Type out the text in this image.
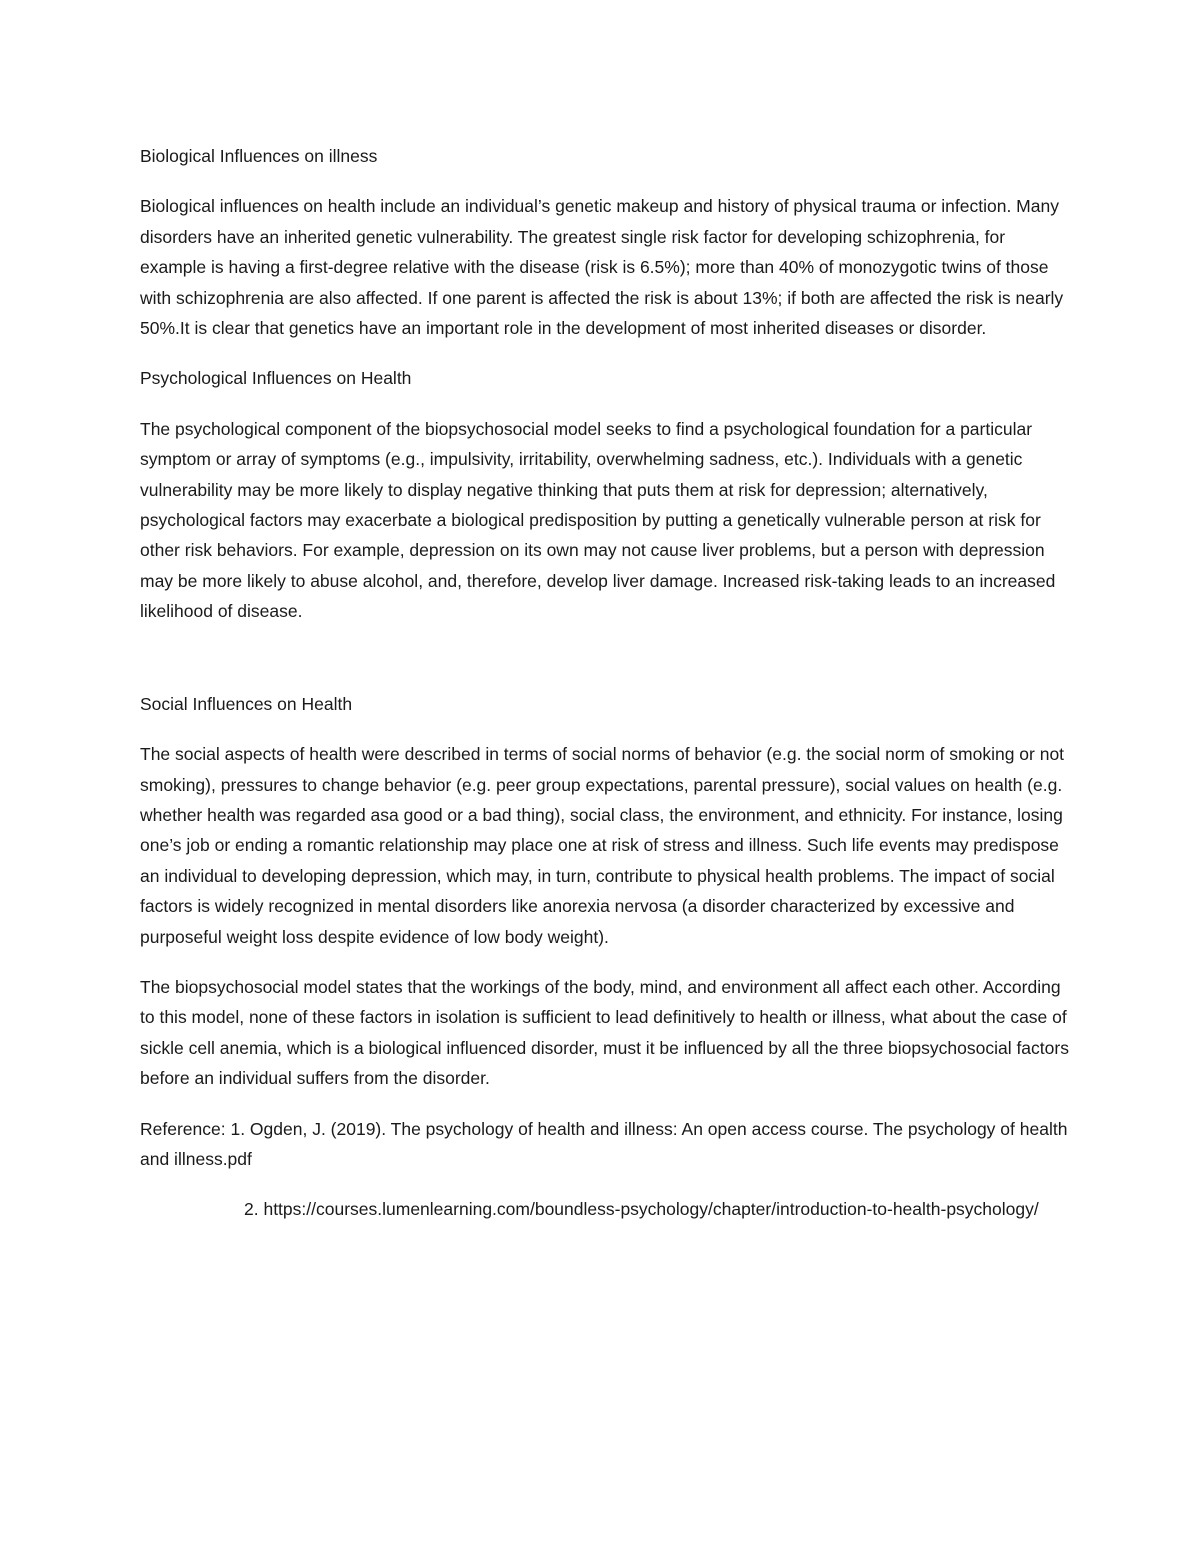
Biological Influences on illness

Biological influences on health include an individual’s genetic makeup and history of physical trauma or infection. Many disorders have an inherited genetic vulnerability. The greatest single risk factor for developing schizophrenia, for example is having a first-degree relative with the disease (risk is 6.5%); more than 40% of monozygotic twins of those with schizophrenia are also affected. If one parent is affected the risk is about 13%; if both are affected the risk is nearly 50%.It is clear that genetics have an important role in the development of most inherited diseases or disorder.

Psychological Influences on Health

The psychological component of the biopsychosocial model seeks to find a psychological foundation for a particular symptom or array of symptoms (e.g., impulsivity, irritability, overwhelming sadness, etc.). Individuals with a genetic vulnerability may be more likely to display negative thinking that puts them at risk for depression; alternatively, psychological factors may exacerbate a biological predisposition by putting a genetically vulnerable person at risk for other risk behaviors. For example, depression on its own may not cause liver problems, but a person with depression may be more likely to abuse alcohol, and, therefore, develop liver damage. Increased risk-taking leads to an increased likelihood of disease.

Social Influences on Health

The social aspects of health were described in terms of social norms of behavior (e.g. the social norm of smoking or not smoking), pressures to change behavior (e.g. peer group expectations, parental pressure), social values on health (e.g. whether health was regarded asa good or a bad thing), social class, the environment, and ethnicity. For instance, losing one’s job or ending a romantic relationship may place one at risk of stress and illness. Such life events may predispose an individual to developing depression, which may, in turn, contribute to physical health problems. The impact of social factors is widely recognized in mental disorders like anorexia nervosa (a disorder characterized by excessive and purposeful weight loss despite evidence of low body weight).

The biopsychosocial model states that the workings of the body, mind, and environment all affect each other. According to this model, none of these factors in isolation is sufficient to lead definitively to health or illness, what about the case of sickle cell anemia, which is a biological influenced disorder, must it be influenced by all the three biopsychosocial factors before an individual suffers from the disorder.

Reference: 1. Ogden, J. (2019). The psychology of health and illness: An open access course. The psychology of health and illness.pdf

2. https://courses.lumenlearning.com/boundless-psychology/chapter/introduction-to-health-psychology/
